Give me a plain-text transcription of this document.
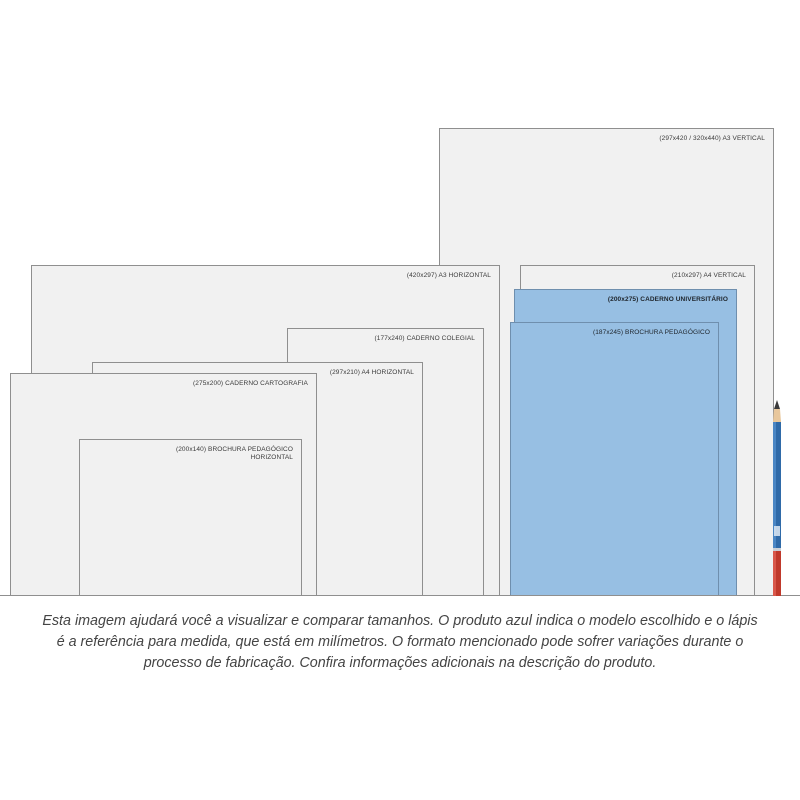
(297x420 / 320x440) A3 VERTICAL
(420x297) A3 HORIZONTAL	(210x297) A4 VERTICAL
(200x275) CADERNO UNIVERSITÁRIO
(177x240) CADERNO COLEGIAL
(187x245) BROCHURA PEDAGÓGICO
(297x210) A4 HORIZONTAL
(275x200) CADERNO CARTOGRAFIA
(200x140) BROCHURA PEDAGÓGICO
HORIZONTAL
Esta imagem ajudará você a visualizar e comparar tamanhos. O produto azul indica o modelo escolhido e o lápis é a referência para medida, que está em milímetros. O formato mencionado pode sofrer variações durante o processo de fabricação. Confira informações adicionais na descrição do produto.
